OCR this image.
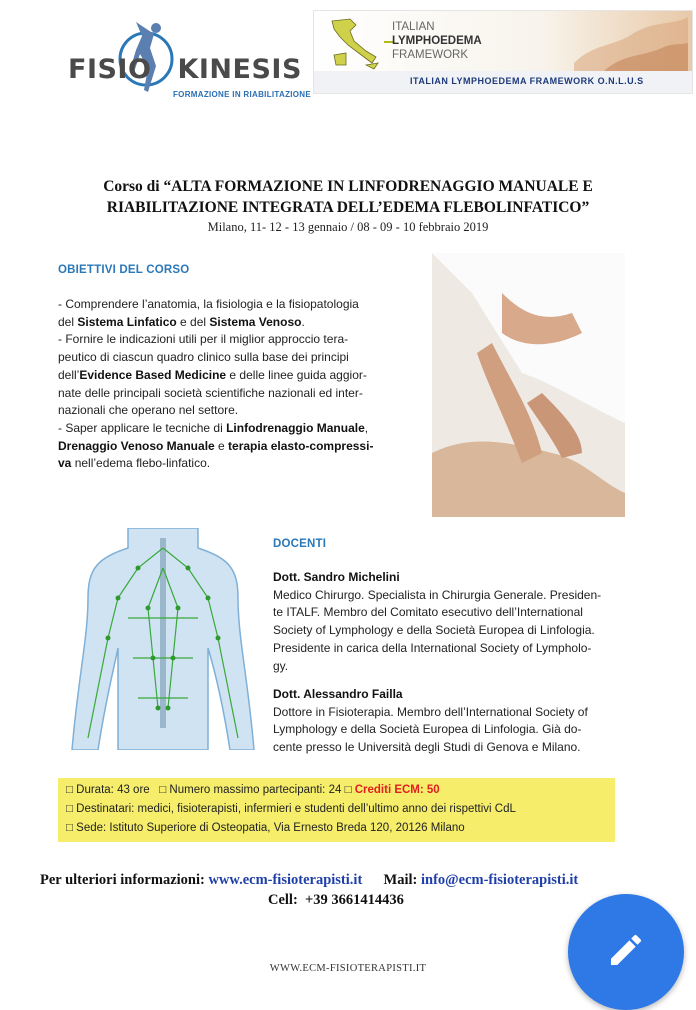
FISIO KINESIS
FORMAZIONE IN RIABILITAZIONE
ITALIAN
LYMPHOEDEMA
FRAMEWORK
ITALIAN LYMPHOEDEMA FRAMEWORK O.N.L.U.S
Corso di “ALTA FORMAZIONE IN LINFODRENAGGIO MANUALE E
RIABILITAZIONE INTEGRATA DELL’EDEMA FLEBOLINFATICO”
Milano, 11- 12 - 13 gennaio / 08 - 09 - 10 febbraio 2019
OBIETTIVI DEL CORSO
- Comprendere l’anatomia, la fisiologia e la fisiopatologia
del Sistema Linfatico e del Sistema Venoso.
- Fornire le indicazioni utili per il miglior approccio tera-
peutico di ciascun quadro clinico sulla base dei principi
dell’Evidence Based Medicine e delle linee guida aggior-
nate delle principali società scientifiche nazionali ed inter-
nazionali che operano nel settore.
- Saper applicare le tecniche di Linfodrenaggio Manuale,
Drenaggio Venoso Manuale e terapia elasto-compressi-
va nell’edema flebo-linfatico.
DOCENTI
Dott. Sandro Michelini
Medico Chirurgo. Specialista in Chirurgia Generale. Presiden-
te ITALF. Membro del Comitato esecutivo dell’International
Society of Lymphology e della Società Europea di Linfologia.
Presidente in carica della International Society of Lympholo-
gy.
Dott. Alessandro Failla
Dottore in Fisioterapia. Membro dell’International Society of
Lymphology e della Società Europea di Linfologia. Già do-
cente presso le Università degli Studi di Genova e Milano.
□ Durata: 43 ore □ Numero massimo partecipanti: 24 □ Crediti ECM: 50
□ Destinatari: medici, fisioterapisti, infermieri e studenti dell’ultimo anno dei rispettivi CdL
□ Sede: Istituto Superiore di Osteopatia, Via Ernesto Breda 120, 20126 Milano
Per ulteriori informazioni: www.ecm-fisioterapisti.it Mail: info@ecm-fisioterapisti.it
Cell: +39 3661414436
WWW.ECM-FISIOTERAPISTI.IT
